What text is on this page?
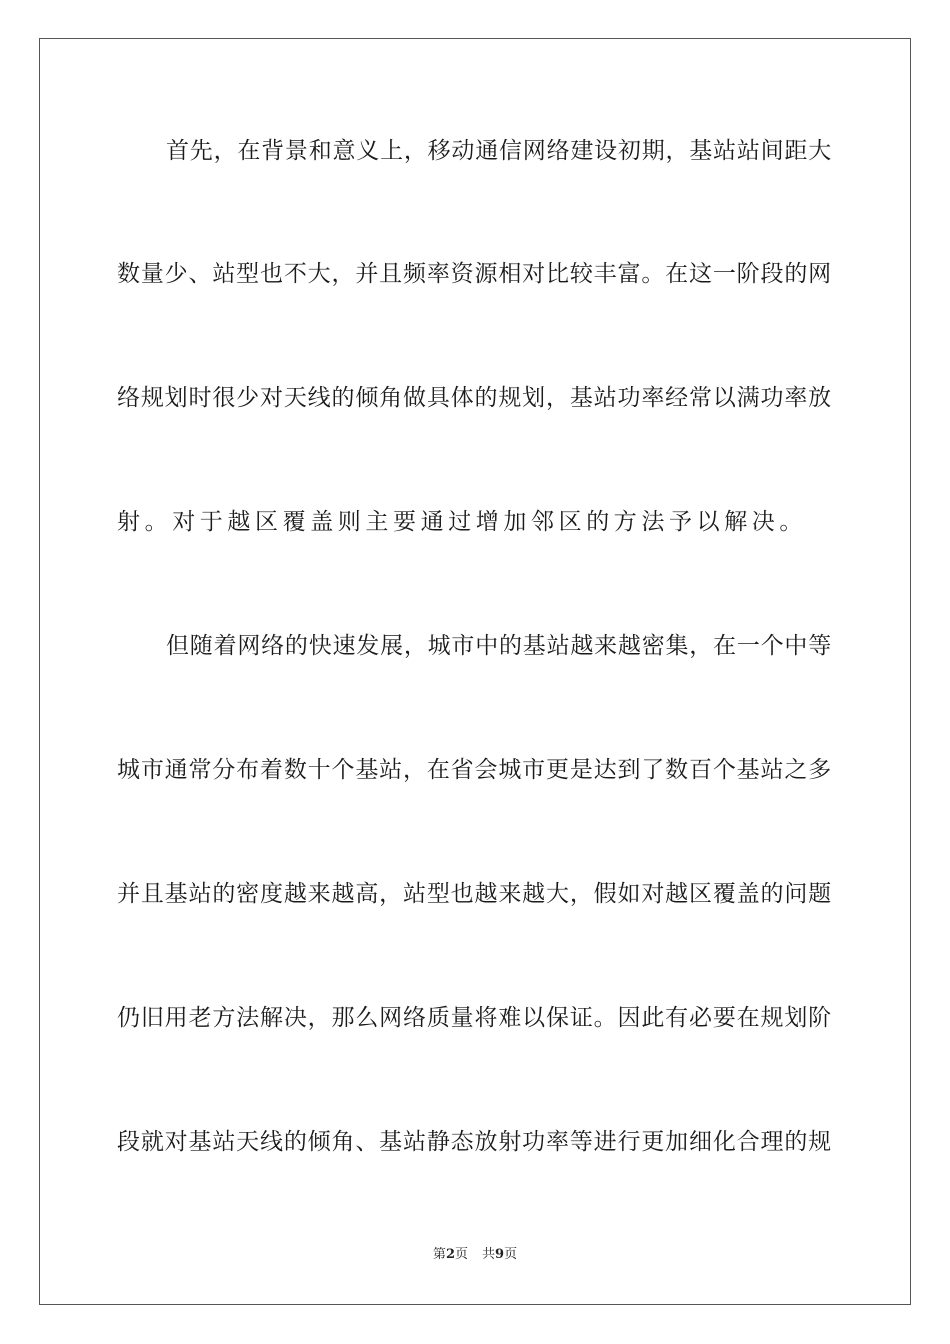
首先，在背景和意义上，移动通信网络建设初期，基站站间距大
数量少、站型也不大，并且频率资源相对比较丰富。在这一阶段的网
络规划时很少对天线的倾角做具体的规划，基站功率经常以满功率放
射。对于越区覆盖则主要通过增加邻区的方法予以解决。
但随着网络的快速发展，城市中的基站越来越密集，在一个中等
城市通常分布着数十个基站，在省会城市更是达到了数百个基站之多
并且基站的密度越来越高，站型也越来越大，假如对越区覆盖的问题
仍旧用老方法解决，那么网络质量将难以保证。因此有必要在规划阶
段就对基站天线的倾角、基站静态放射功率等进行更加细化合理的规
第2页 共9页
